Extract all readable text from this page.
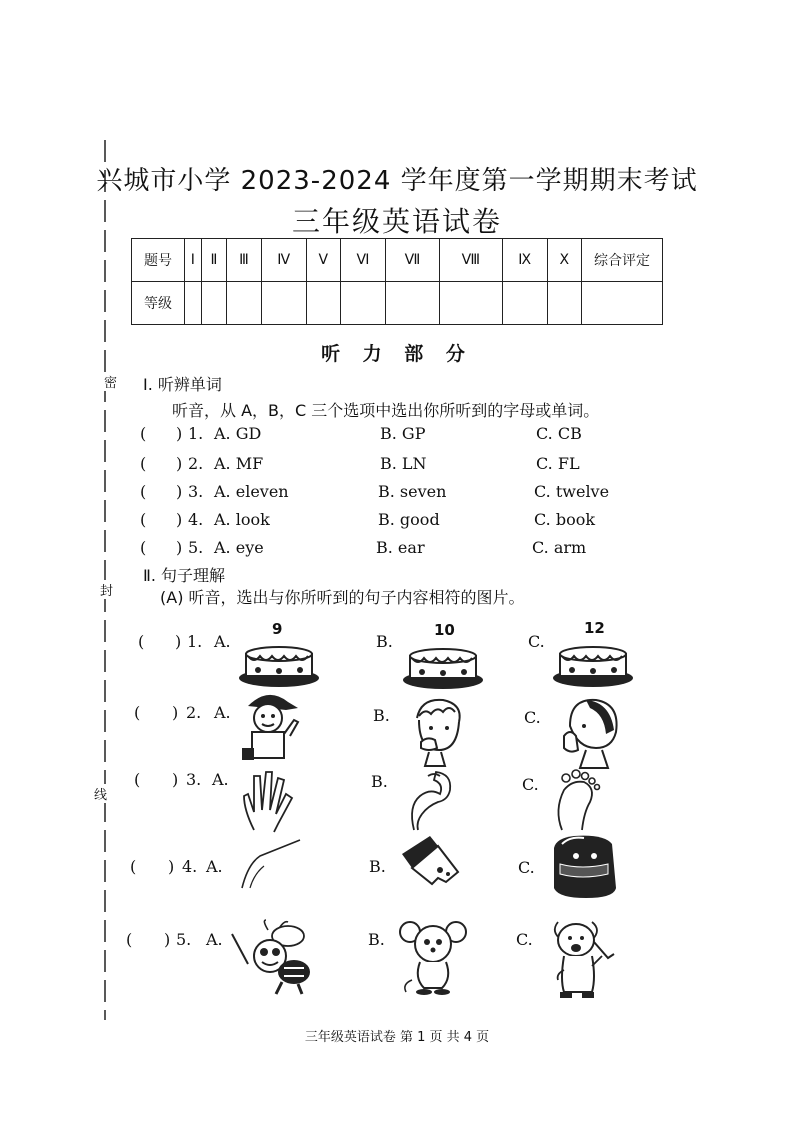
密
封
线
兴城市小学 2023-2024 学年度第一学期期末考试
三年级英语试卷
题号	Ⅰ	Ⅱ	Ⅲ	Ⅳ	Ⅴ	Ⅵ	Ⅶ	Ⅷ	Ⅸ	Ⅹ	综合评定
等级											
听 力 部 分
Ⅰ. 听辨单词
听音，从 A，B，C 三个选项中选出你所听到的字母或单词。
( ) 1. A. GD	B. GP	C. CB
( ) 2. A. MF	B. LN	C. FL
( ) 3. A. eleven	B. seven	C. twelve
( ) 4. A. look	B. good	C. book
( ) 5. A. eye	B. ear	C. arm
Ⅱ. 句子理解
(A) 听音，选出与你所听到的句子内容相符的图片。
( ) 1. A.	B.	C.
9	10	12
( ) 2. A.	B.	C.
( ) 3. A.	B.	C.
( ) 4. A.	B.	C.
( ) 5. A.	B.	C.
三年级英语试卷 第 1 页 共 4 页
